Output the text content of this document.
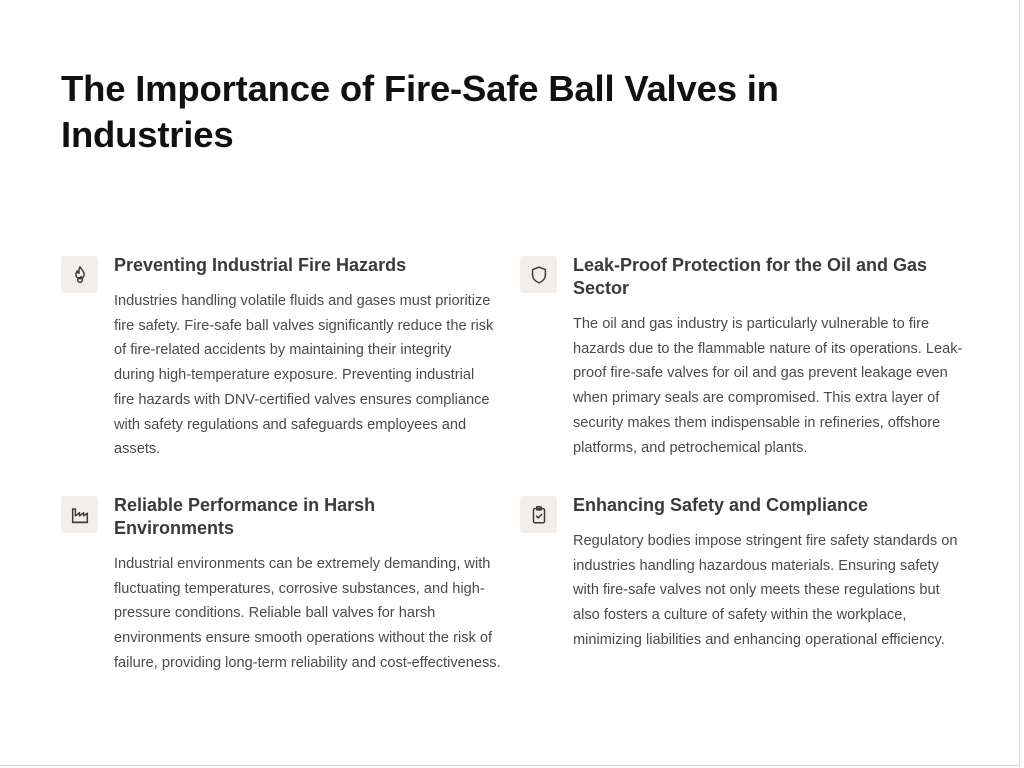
The Importance of Fire-Safe Ball Valves in Industries
Preventing Industrial Fire Hazards

Industries handling volatile fluids and gases must prioritize fire safety. Fire-safe ball valves significantly reduce the risk of fire-related accidents by maintaining their integrity during high-temperature exposure. Preventing industrial fire hazards with DNV-certified valves ensures compliance with safety regulations and safeguards employees and assets.

Leak-Proof Protection for the Oil and Gas Sector

The oil and gas industry is particularly vulnerable to fire hazards due to the flammable nature of its operations. Leak-proof fire-safe valves for oil and gas prevent leakage even when primary seals are compromised. This extra layer of security makes them indispensable in refineries, offshore platforms, and petrochemical plants.

Reliable Performance in Harsh Environments

Industrial environments can be extremely demanding, with fluctuating temperatures, corrosive substances, and high-pressure conditions. Reliable ball valves for harsh environments ensure smooth operations without the risk of failure, providing long-term reliability and cost-effectiveness.

Enhancing Safety and Compliance

Regulatory bodies impose stringent fire safety standards on industries handling hazardous materials. Ensuring safety with fire-safe valves not only meets these regulations but also fosters a culture of safety within the workplace, minimizing liabilities and enhancing operational efficiency.
